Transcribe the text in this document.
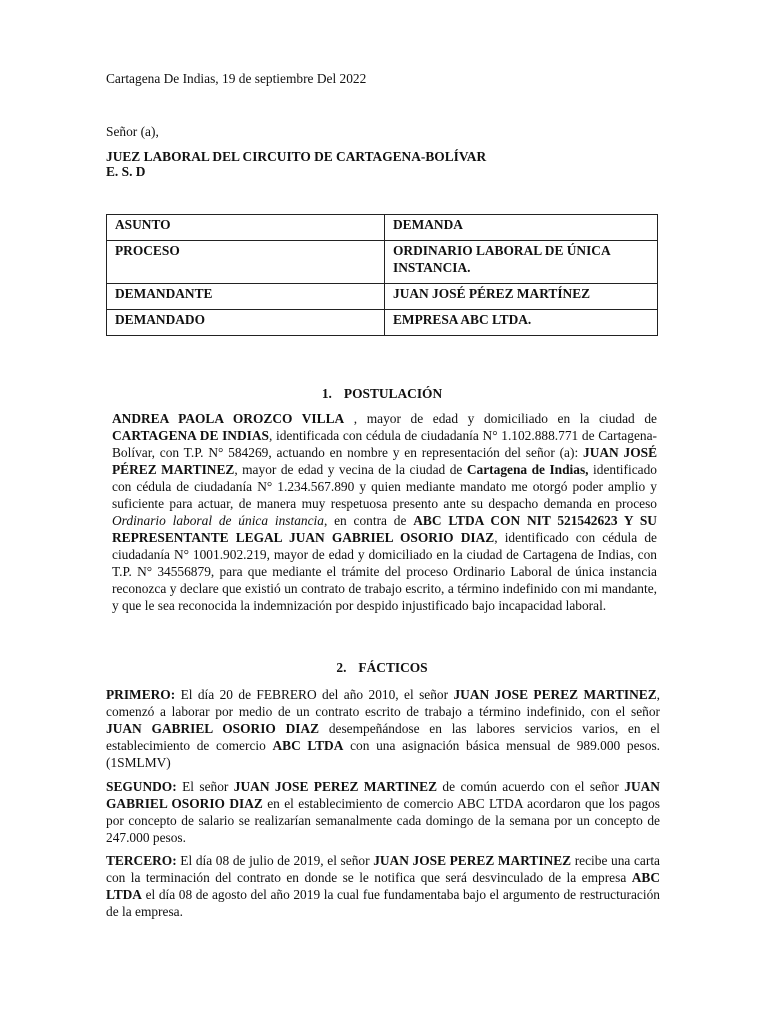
Cartagena De Indias, 19 de septiembre Del 2022
Señor (a),
JUEZ LABORAL DEL CIRCUITO DE CARTAGENA-BOLÍVAR
E. S. D
ASUNTO	DEMANDA
PROCESO	ORDINARIO LABORAL DE ÚNICA INSTANCIA.
DEMANDANTE	JUAN JOSÉ PÉREZ MARTÍNEZ
DEMANDADO	EMPRESA ABC LTDA.
1. POSTULACIÓN
ANDREA PAOLA OROZCO VILLA , mayor de edad y domiciliado en la ciudad de CARTAGENA DE INDIAS, identificada con cédula de ciudadanía N° 1.102.888.771 de Cartagena-Bolívar, con T.P. N° 584269, actuando en nombre y en representación del señor (a): JUAN JOSÉ PÉREZ MARTINEZ, mayor de edad y vecina de la ciudad de Cartagena de Indias, identificado con cédula de ciudadanía N° 1.234.567.890 y quien mediante mandato me otorgó poder amplio y suficiente para actuar, de manera muy respetuosa presento ante su despacho demanda en proceso Ordinario laboral de única instancia, en contra de ABC LTDA CON NIT 521542623 Y SU REPRESENTANTE LEGAL JUAN GABRIEL OSORIO DIAZ, identificado con cédula de ciudadanía N° 1001.902.219, mayor de edad y domiciliado en la ciudad de Cartagena de Indias, con T.P. N° 34556879, para que mediante el trámite del proceso Ordinario Laboral de única instancia reconozca y declare que existió un contrato de trabajo escrito, a término indefinido con mi mandante, y que le sea reconocida la indemnización por despido injustificado bajo incapacidad laboral.
2. FÁCTICOS
PRIMERO: El día 20 de FEBRERO del año 2010, el señor JUAN JOSE PEREZ MARTINEZ, comenzó a laborar por medio de un contrato escrito de trabajo a término indefinido, con el señor JUAN GABRIEL OSORIO DIAZ desempeñándose en las labores servicios varios, en el establecimiento de comercio ABC LTDA con una asignación básica mensual de 989.000 pesos. (1SMLMV)
SEGUNDO: El señor JUAN JOSE PEREZ MARTINEZ de común acuerdo con el señor JUAN GABRIEL OSORIO DIAZ en el establecimiento de comercio ABC LTDA acordaron que los pagos por concepto de salario se realizarían semanalmente cada domingo de la semana por un concepto de 247.000 pesos.
TERCERO: El día 08 de julio de 2019, el señor JUAN JOSE PEREZ MARTINEZ recibe una carta con la terminación del contrato en donde se le notifica que será desvinculado de la empresa ABC LTDA el día 08 de agosto del año 2019 la cual fue fundamentaba bajo el argumento de restructuración de la empresa.
